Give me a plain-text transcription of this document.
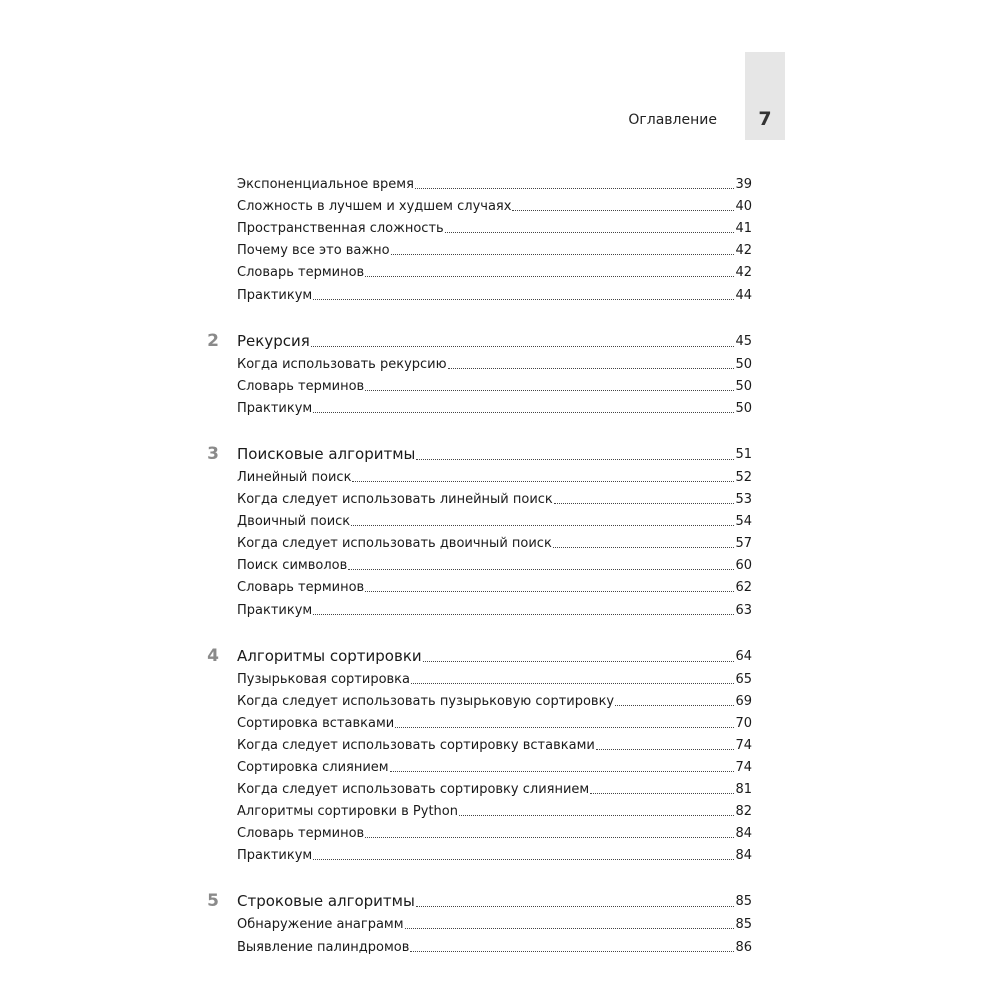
Оглавление	7
Экспоненциальное время	39
Сложность в лучшем и худшем случаях	40
Пространственная сложность	41
Почему все это важно	42
Словарь терминов	42
Практикум	44
2	Рекурсия	45
Когда использовать рекурсию	50
Словарь терминов	50
Практикум	50
3	Поисковые алгоритмы	51
Линейный поиск	52
Когда следует использовать линейный поиск	53
Двоичный поиск	54
Когда следует использовать двоичный поиск	57
Поиск символов	60
Словарь терминов	62
Практикум	63
4	Алгоритмы сортировки	64
Пузырьковая сортировка	65
Когда следует использовать пузырьковую сортировку	69
Сортировка вставками	70
Когда следует использовать сортировку вставками	74
Сортировка слиянием	74
Когда следует использовать сортировку слиянием	81
Алгоритмы сортировки в Python	82
Словарь терминов	84
Практикум	84
5	Строковые алгоритмы	85
Обнаружение анаграмм	85
Выявление палиндромов	86
